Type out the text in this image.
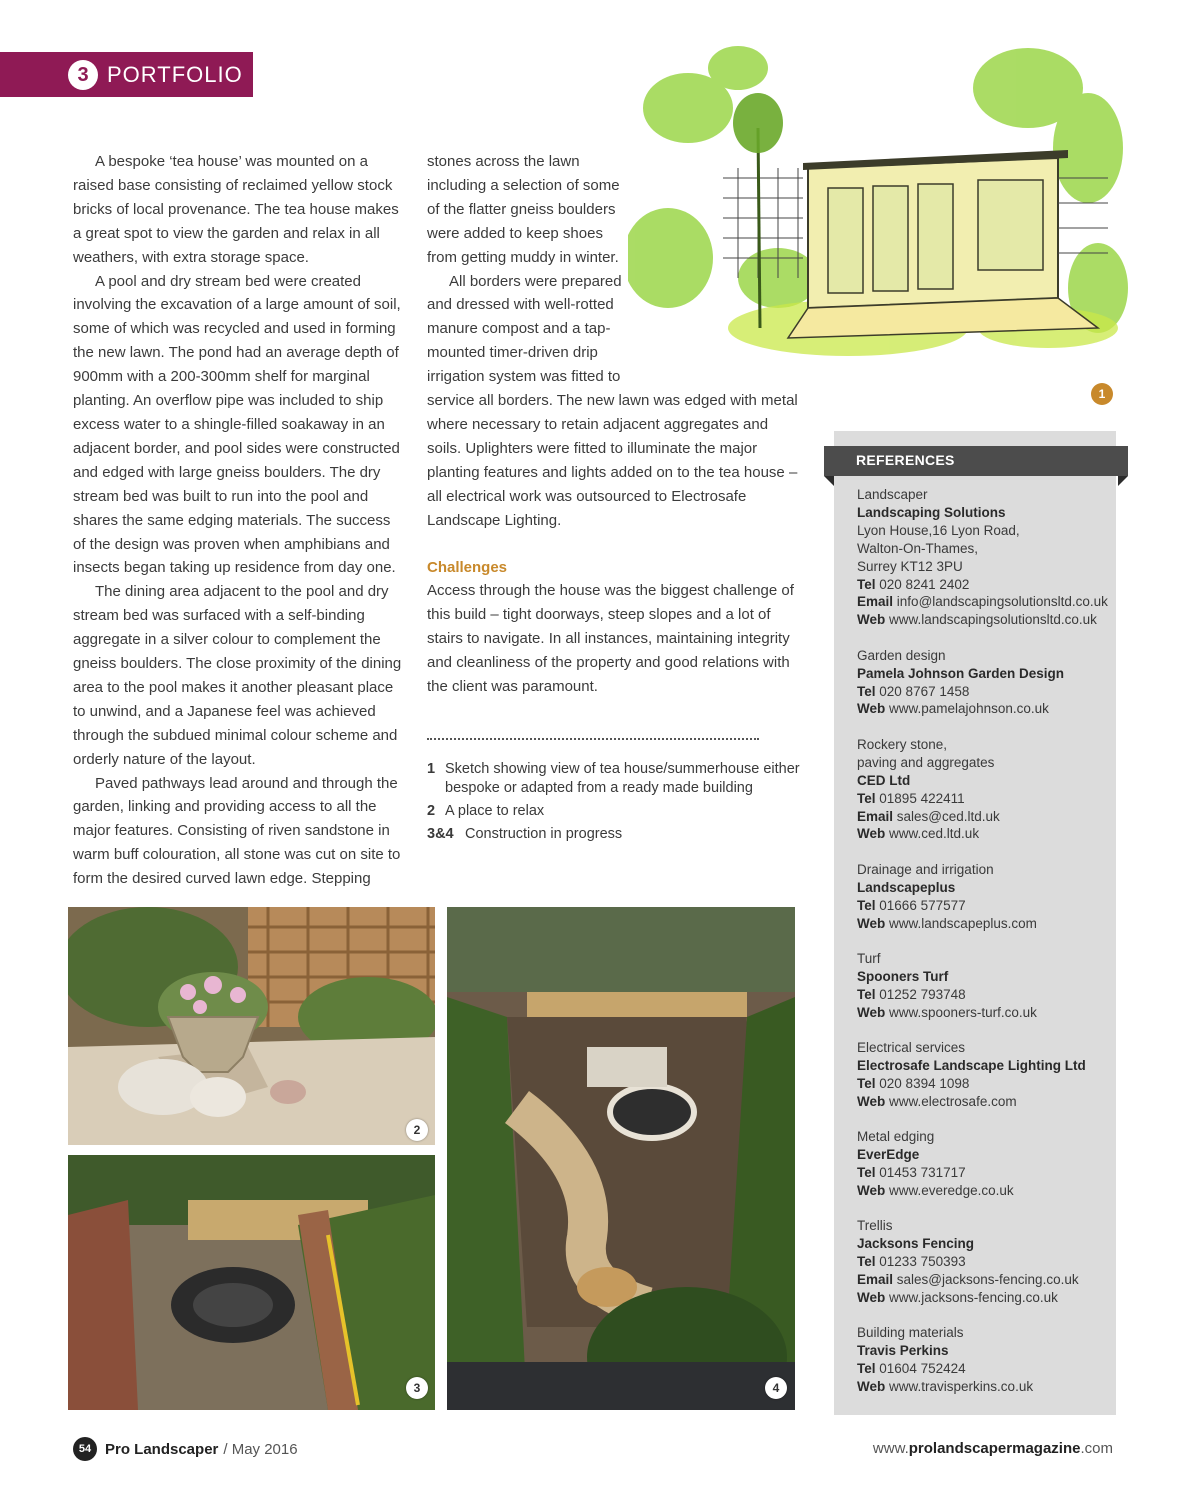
3 PORTFOLIO

A bespoke ‘tea house’ was mounted on a raised base consisting of reclaimed yellow stock bricks of local provenance. The tea house makes a great spot to view the garden and relax in all weathers, with extra storage space.

A pool and dry stream bed were created involving the excavation of a large amount of soil, some of which was recycled and used in forming the new lawn. The pond had an average depth of 900mm with a 200-300mm shelf for marginal planting. An overflow pipe was included to ship excess water to a shingle-filled soakaway in an adjacent border, and pool sides were constructed and edged with large gneiss boulders. The dry stream bed was built to run into the pool and shares the same edging materials. The success of the design was proven when amphibians and insects began taking up residence from day one.

The dining area adjacent to the pool and dry stream bed was surfaced with a self-binding aggregate in a silver colour to complement the gneiss boulders. The close proximity of the dining area to the pool makes it another pleasant place to unwind, and a Japanese feel was achieved through the subdued minimal colour scheme and orderly nature of the layout.

Paved pathways lead around and through the garden, linking and providing access to all the major features. Consisting of riven sandstone in warm buff colouration, all stone was cut on site to form the desired curved lawn edge. Stepping

stones across the lawn including a selection of some of the flatter gneiss boulders were added to keep shoes from getting muddy in winter.

All borders were prepared and dressed with well-rotted manure compost and a tap-mounted timer-driven drip irrigation system was fitted to

service all borders. The new lawn was edged with metal where necessary to retain adjacent aggregates and soils. Uplighters were fitted to illuminate the major planting features and lights added on to the tea house – all electrical work was outsourced to Electrosafe Landscape Lighting.

Challenges

Access through the house was the biggest challenge of this build – tight doorways, steep slopes and a lot of stairs to navigate. In all instances, maintaining integrity and cleanliness of the property and good relations with the client was paramount.

1 Sketch showing view of tea house/summerhouse either bespoke or adapted from a ready made building
2 A place to relax
3&4 Construction in progress
1
2
3	4
REFERENCES
Landscaper
Landscaping Solutions
Lyon House,16 Lyon Road,
Walton-On-Thames,
Surrey KT12 3PU
Tel 020 8241 2402
Email info@landscapingsolutionsltd.co.uk
Web www.landscapingsolutionsltd.co.uk
Garden design
Pamela Johnson Garden Design
Tel 020 8767 1458
Web www.pamelajohnson.co.uk
Rockery stone,
paving and aggregates
CED Ltd
Tel 01895 422411
Email sales@ced.ltd.uk
Web www.ced.ltd.uk
Drainage and irrigation
Landscapeplus
Tel 01666 577577
Web www.landscapeplus.com
Turf
Spooners Turf
Tel 01252 793748
Web www.spooners-turf.co.uk
Electrical services
Electrosafe Landscape Lighting Ltd
Tel 020 8394 1098
Web www.electrosafe.com
Metal edging
EverEdge
Tel 01453 731717
Web www.everedge.co.uk
Trellis
Jacksons Fencing
Tel 01233 750393
Email sales@jacksons-fencing.co.uk
Web www.jacksons-fencing.co.uk
Building materials
Travis Perkins
Tel 01604 752424
Web www.travisperkins.co.uk
54 Pro Landscaper / May 2016	www.prolandscapermagazine.com
